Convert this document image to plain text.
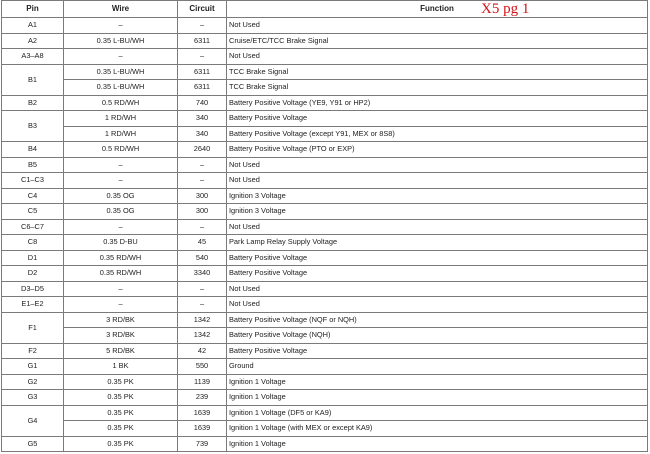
Pin	Wire	Circuit	Function
A1	–	–	Not Used
A2	0.35 L-BU/WH	6311	Cruise/ETC/TCC Brake Signal
A3–A8	–	–	Not Used
B1	0.35 L-BU/WH	6311	TCC Brake Signal
	0.35 L-BU/WH	6311	TCC Brake Signal
B2	0.5 RD/WH	740	Battery Positive Voltage (YE9, Y91 or HP2)
B3	1 RD/WH	340	Battery Positive Voltage
	1 RD/WH	340	Battery Positive Voltage (except Y91, MEX or 8S8)
B4	0.5 RD/WH	2640	Battery Positive Voltage (PTO or EXP)
B5	–	–	Not Used
C1–C3	–	–	Not Used
C4	0.35 OG	300	Ignition 3 Voltage
C5	0.35 OG	300	Ignition 3 Voltage
C6–C7	–	–	Not Used
C8	0.35 D-BU	45	Park Lamp Relay Supply Voltage
D1	0.35 RD/WH	540	Battery Positive Voltage
D2	0.35 RD/WH	3340	Battery Positive Voltage
D3–D5	–	–	Not Used
E1–E2	–	–	Not Used
F1	3 RD/BK	1342	Battery Positive Voltage (NQF or NQH)
	3 RD/BK	1342	Battery Positive Voltage (NQH)
F2	5 RD/BK	42	Battery Positive Voltage
G1	1 BK	550	Ground
G2	0.35 PK	1139	Ignition 1 Voltage
G3	0.35 PK	239	Ignition 1 Voltage
G4	0.35 PK	1639	Ignition 1 Voltage (DF5 or KA9)
	0.35 PK	1639	Ignition 1 Voltage (with MEX or except KA9)
G5	0.35 PK	739	Ignition 1 Voltage
X5 pg 1
